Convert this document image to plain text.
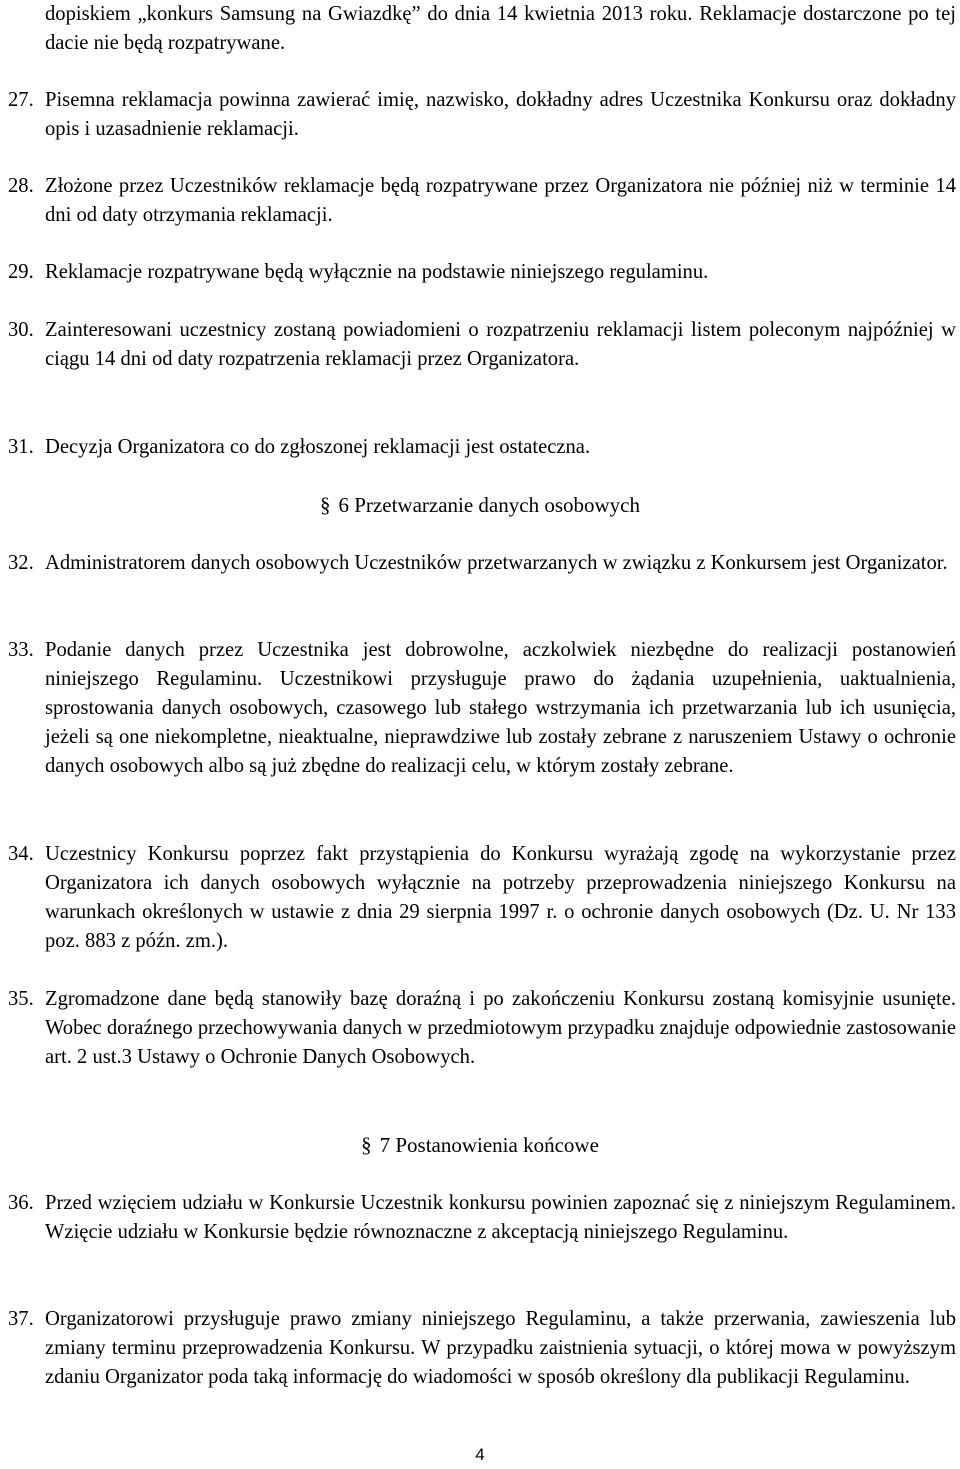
dopiskiem „konkurs Samsung na Gwiazdkę” do dnia 14 kwietnia 2013 roku. Reklamacje dostarczone po tej dacie nie będą rozpatrywane.

27. Pisemna reklamacja powinna zawierać imię, nazwisko, dokładny adres Uczestnika Konkursu oraz dokładny opis i uzasadnienie reklamacji.
28. Złożone przez Uczestników reklamacje będą rozpatrywane przez Organizatora nie później niż w terminie 14 dni od daty otrzymania reklamacji.
29. Reklamacje rozpatrywane będą wyłącznie na podstawie niniejszego regulaminu.
30. Zainteresowani uczestnicy zostaną powiadomieni o rozpatrzeniu reklamacji listem poleconym najpóźniej w ciągu 14 dni od daty rozpatrzenia reklamacji przez Organizatora.
31. Decyzja Organizatora co do zgłoszonej reklamacji jest ostateczna.
§ 6 Przetwarzanie danych osobowych
32. Administratorem danych osobowych Uczestników przetwarzanych w związku z Konkursem jest Organizator.
33. Podanie danych przez Uczestnika jest dobrowolne, aczkolwiek niezbędne do realizacji postanowień niniejszego Regulaminu. Uczestnikowi przysługuje prawo do żądania uzupełnienia, uaktualnienia, sprostowania danych osobowych, czasowego lub stałego wstrzymania ich przetwarzania lub ich usunięcia, jeżeli są one niekompletne, nieaktualne, nieprawdziwe lub zostały zebrane z naruszeniem Ustawy o ochronie danych osobowych albo są już zbędne do realizacji celu, w którym zostały zebrane.
34. Uczestnicy Konkursu poprzez fakt przystąpienia do Konkursu wyrażają zgodę na wykorzystanie przez Organizatora ich danych osobowych wyłącznie na potrzeby przeprowadzenia niniejszego Konkursu na warunkach określonych w ustawie z dnia 29 sierpnia 1997 r. o ochronie danych osobowych (Dz. U. Nr 133 poz. 883 z późn. zm.).
35. Zgromadzone dane będą stanowiły bazę doraźną i po zakończeniu Konkursu zostaną komisyjnie usunięte. Wobec doraźnego przechowywania danych w przedmiotowym przypadku znajduje odpowiednie zastosowanie art. 2 ust.3 Ustawy o Ochronie Danych Osobowych.
§ 7 Postanowienia końcowe
36. Przed wzięciem udziału w Konkursie Uczestnik konkursu powinien zapoznać się z niniejszym Regulaminem. Wzięcie udziału w Konkursie będzie równoznaczne z akceptacją niniejszego Regulaminu.
37. Organizatorowi przysługuje prawo zmiany niniejszego Regulaminu, a także przerwania, zawieszenia lub zmiany terminu przeprowadzenia Konkursu. W przypadku zaistnienia sytuacji, o której mowa w powyższym zdaniu Organizator poda taką informację do wiadomości w sposób określony dla publikacji Regulaminu.
4
